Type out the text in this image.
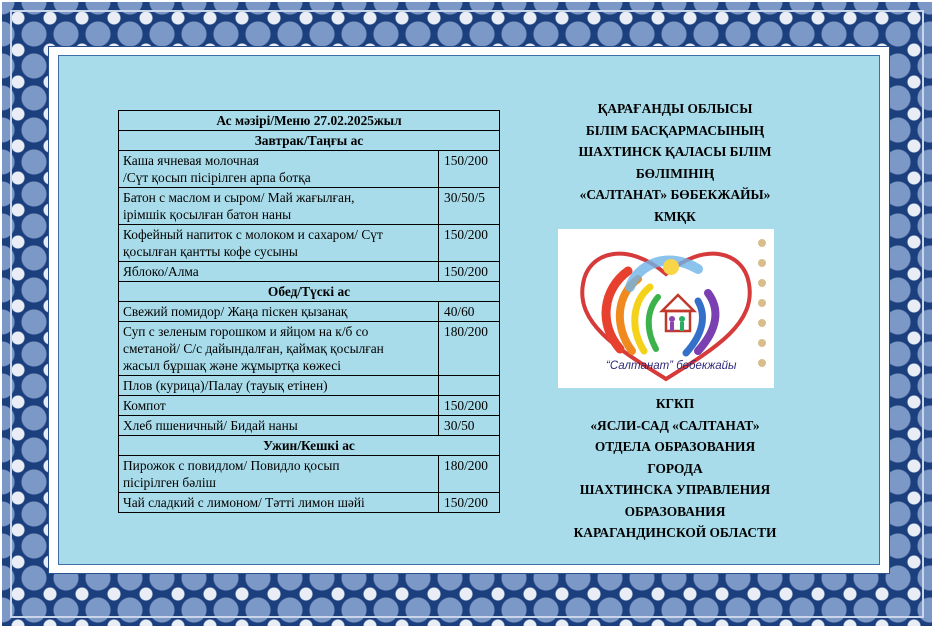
Ас мәзірі/Меню 27.02.2025жыл	
Завтрак/Таңғы ас	

Каша ячневая молочная
/Сүт қосып пісірілген арпа ботқа	150/200

Батон с маслом и сыром/ Май жағылған,
ірімшік қосылған батон наны	30/50/5

Кофейный напиток с молоком и сахаром/ Сүт
қосылған қантты кофе сусыны	150/200

Яблоко/Алма	150/200
Обед/Түскі ас	

Свежий помидор/ Жаңа піскен қызанақ	40/60

Суп с зеленым горошком и яйцом на к/б со
сметаной/ С/с дайындалған, қаймақ қосылған
жасыл бұршақ және жұмыртқа көжесі	180/200

Плов (курица)/Палау (тауық етінен)	

Компот	150/200

Хлеб пшеничный/ Бидай наны	30/50
Ужин/Кешкі ас	

Пирожок с повидлом/ Повидло қосып
пісірілген бәліш	180/200

Чай сладкий с лимоном/ Тәтті лимон шәйі	150/200
ҚАРАҒАНДЫ ОБЛЫСЫ
БІЛІМ БАСҚАРМАСЫНЫҢ
ШАХТИНСК ҚАЛАСЫ БІЛІМ
БӨЛІМІНІҢ
«САЛТАНАТ» БӨБЕКЖАЙЫ»
КМҚК
“Салтанат” бөбекжайы
КГКП
«ЯСЛИ-САД «САЛТАНАТ»
ОТДЕЛА ОБРАЗОВАНИЯ
ГОРОДА
ШАХТИНСКА УПРАВЛЕНИЯ
ОБРАЗОВАНИЯ
КАРАГАНДИНСКОЙ ОБЛАСТИ
